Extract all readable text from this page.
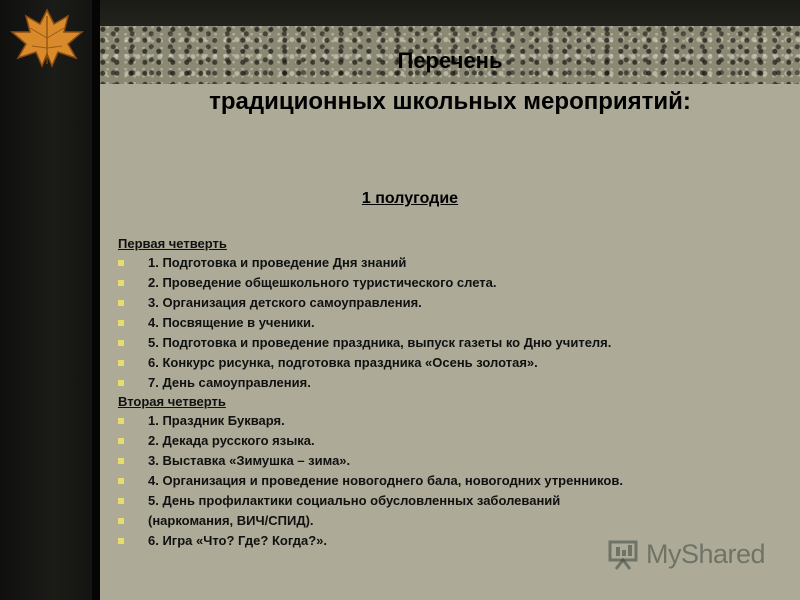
Перечень
традиционных школьных мероприятий:
1 полугодие
Первая четверть
1. Подготовка и проведение Дня знаний
2. Проведение общешкольного туристического слета.
3. Организация детского самоуправления.
4. Посвящение в ученики.
5. Подготовка и проведение праздника, выпуск газеты ко Дню учителя.
6. Конкурс рисунка, подготовка праздника «Осень золотая».
7. День самоуправления.
Вторая четверть
1. Праздник Букваря.
2. Декада русского языка.
3. Выставка «Зимушка – зима».
4. Организация и проведение новогоднего бала, новогодних утренников.
5. День профилактики социально обусловленных заболеваний
(наркомания, ВИЧ/СПИД).
6. Игра «Что? Где? Когда?».	MyShared
